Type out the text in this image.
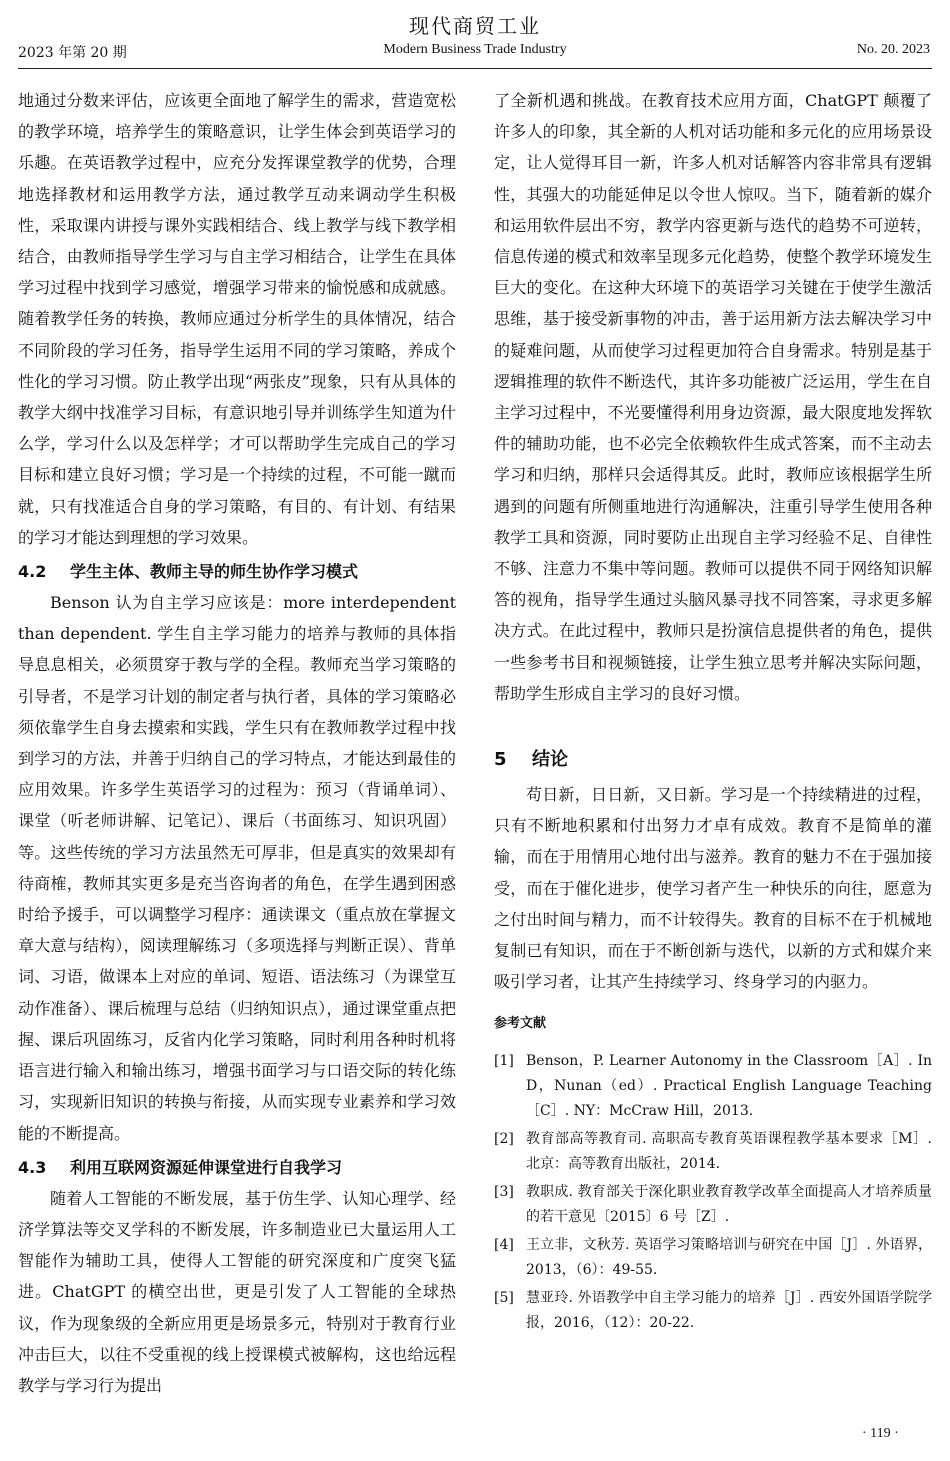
现代商贸工业
2023 年第 20 期	Modern Business Trade Industry	No. 20. 2023

地通过分数来评估，应该更全面地了解学生的需求，营造宽松的教学环境，培养学生的策略意识，让学生体会到英语学习的乐趣。在英语教学过程中，应充分发挥课堂教学的优势，合理地选择教材和运用教学方法，通过教学互动来调动学生积极性，采取课内讲授与课外实践相结合、线上教学与线下教学相结合，由教师指导学生学习与自主学习相结合，让学生在具体学习过程中找到学习感觉，增强学习带来的愉悦感和成就感。随着教学任务的转换，教师应通过分析学生的具体情况，结合不同阶段的学习任务，指导学生运用不同的学习策略，养成个性化的学习习惯。防止教学出现“两张皮”现象，只有从具体的教学大纲中找准学习目标，有意识地引导并训练学生知道为什么学，学习什么以及怎样学；才可以帮助学生完成自己的学习目标和建立良好习惯；学习是一个持续的过程，不可能一蹴而就，只有找准适合自身的学习策略，有目的、有计划、有结果的学习才能达到理想的学习效果。

4.2 学生主体、教师主导的师生协作学习模式

Benson 认为自主学习应该是：more interdependent than dependent. 学生自主学习能力的培养与教师的具体指导息息相关，必须贯穿于教与学的全程。教师充当学习策略的引导者，不是学习计划的制定者与执行者，具体的学习策略必须依靠学生自身去摸索和实践，学生只有在教师教学过程中找到学习的方法，并善于归纳自己的学习特点，才能达到最佳的应用效果。许多学生英语学习的过程为：预习（背诵单词）、课堂（听老师讲解、记笔记）、课后（书面练习、知识巩固）等。这些传统的学习方法虽然无可厚非，但是真实的效果却有待商榷，教师其实更多是充当咨询者的角色，在学生遇到困惑时给予援手，可以调整学习程序：通读课文（重点放在掌握文章大意与结构），阅读理解练习（多项选择与判断正误）、背单词、习语，做课本上对应的单词、短语、语法练习（为课堂互动作准备）、课后梳理与总结（归纳知识点），通过课堂重点把握、课后巩固练习，反省内化学习策略，同时利用各种时机将语言进行输入和输出练习，增强书面学习与口语交际的转化练习，实现新旧知识的转换与衔接，从而实现专业素养和学习效能的不断提高。

4.3 利用互联网资源延伸课堂进行自我学习

随着人工智能的不断发展，基于仿生学、认知心理学、经济学算法等交叉学科的不断发展，许多制造业已大量运用人工智能作为辅助工具，使得人工智能的研究深度和广度突飞猛进。ChatGPT 的横空出世，更是引发了人工智能的全球热议，作为现象级的全新应用更是场景多元，特别对于教育行业冲击巨大，以往不受重视的线上授课模式被解构，这也给远程教学与学习行为提出

了全新机遇和挑战。在教育技术应用方面，ChatGPT 颠覆了许多人的印象，其全新的人机对话功能和多元化的应用场景设定，让人觉得耳目一新，许多人机对话解答内容非常具有逻辑性，其强大的功能延伸足以令世人惊叹。当下，随着新的媒介和运用软件层出不穷，教学内容更新与迭代的趋势不可逆转，信息传递的模式和效率呈现多元化趋势，使整个教学环境发生巨大的变化。在这种大环境下的英语学习关键在于使学生激活思维，基于接受新事物的冲击，善于运用新方法去解决学习中的疑难问题，从而使学习过程更加符合自身需求。特别是基于逻辑推理的软件不断迭代，其许多功能被广泛运用，学生在自主学习过程中，不光要懂得利用身边资源，最大限度地发挥软件的辅助功能，也不必完全依赖软件生成式答案，而不主动去学习和归纳，那样只会适得其反。此时，教师应该根据学生所遇到的问题有所侧重地进行沟通解决，注重引导学生使用各种教学工具和资源，同时要防止出现自主学习经验不足、自律性不够、注意力不集中等问题。教师可以提供不同于网络知识解答的视角，指导学生通过头脑风暴寻找不同答案，寻求更多解决方式。在此过程中，教师只是扮演信息提供者的角色，提供一些参考书目和视频链接，让学生独立思考并解决实际问题，帮助学生形成自主学习的良好习惯。

5 结论

苟日新，日日新，又日新。学习是一个持续精进的过程，只有不断地积累和付出努力才卓有成效。教育不是简单的灌输，而在于用情用心地付出与滋养。教育的魅力不在于强加接受，而在于催化进步，使学习者产生一种快乐的向往，愿意为之付出时间与精力，而不计较得失。教育的目标不在于机械地复制已有知识，而在于不断创新与迭代，以新的方式和媒介来吸引学习者，让其产生持续学习、终身学习的内驱力。

参考文献
[1] Benson，P. Learner Autonomy in the Classroom［A］. In D，Nunan（ed）. Practical English Language Teaching［C］. NY：McCraw Hill，2013.
[2] 教育部高等教育司. 高职高专教育英语课程教学基本要求［M］. 北京：高等教育出版社，2014.
[3] 教职成. 教育部关于深化职业教育教学改革全面提高人才培养质量的若干意见〔2015〕6 号［Z］.
[4] 王立非，文秋芳. 英语学习策略培训与研究在中国［J］. 外语界，2013，（6）：49-55.
[5] 慧亚玲. 外语教学中自主学习能力的培养［J］. 西安外国语学院学报，2016，（12）：20-22.
· 119 ·
